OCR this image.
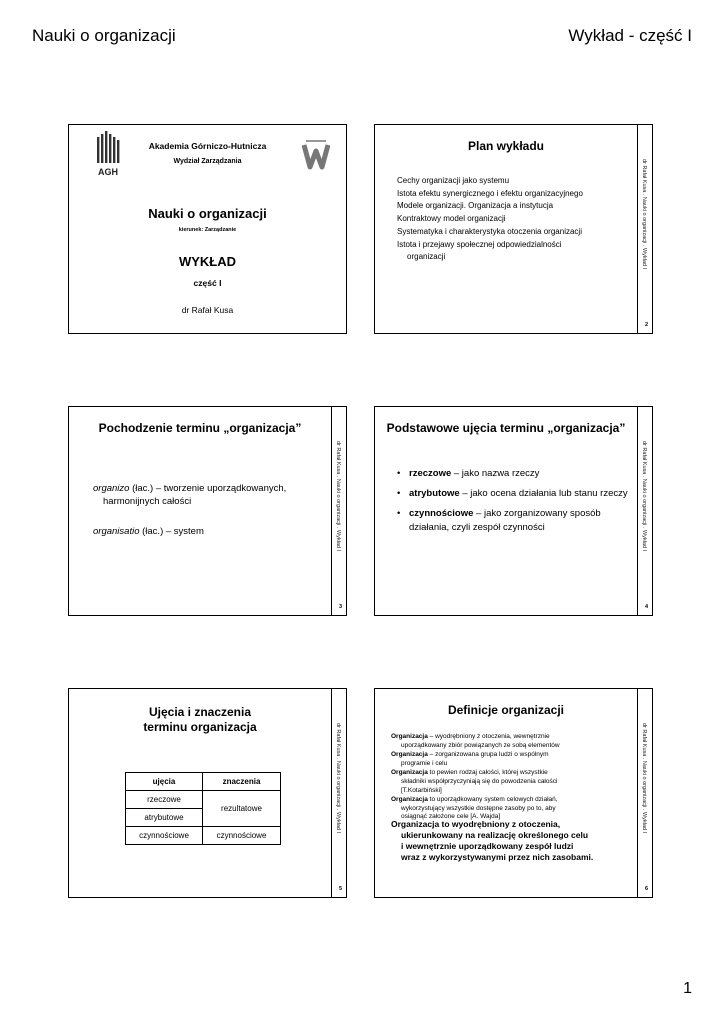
Nauki o organizacji	Wykład - część I
AGH
Akademia Górniczo-Hutnicza
Wydział Zarządzania
Nauki o organizacji
kierunek: Zarządzanie
WYKŁAD
część I
dr Rafał Kusa
Plan wykładu
Cechy organizacji jako systemu
Istota efektu synergicznego i efektu organizacyjnego
Modele organizacji. Organizacja a instytucja
Kontraktowy model organizacji
Systematyka i charakterystyka otoczenia organizacji
Istota i przejawy społecznej odpowiedzialności
organizacji	dr Rafał Kusa . Nauki o organizacji . Wykład I
2
Pochodzenie terminu „organizacja”
organizo (łac.) – tworzenie uporządkowanych,
harmonijnych całości
organisatio (łac.) – system	dr Rafał Kusa . Nauki o organizacji . Wykład I
3
Podstawowe ujęcia terminu „organizacja”
• rzeczowe – jako nazwa rzeczy
• atrybutowe – jako ocena działania lub stanu rzeczy
• czynnościowe – jako zorganizowany sposób działania, czyli zespół czynności	dr Rafał Kusa . Nauki o organizacji . Wykład I
4
Ujęcia i znaczenia
terminu organizacja
ujęcia	znaczenia
rzeczowe	rezultatowe
atrybutowe	
czynnościowe	czynnościowe
dr Rafał Kusa . Nauki o organizacji . Wykład I
5
Definicje organizacji
Organizacja – wyodrębniony z otoczenia, wewnętrznie
uporządkowany zbiór powiązanych ze sobą elementów
Organizacja – zorganizowana grupa ludzi o wspólnym
programie i celu
Organizacja to pewien rodzaj całości, której wszystkie
składniki współprzyczyniają się do powodzenia całości
[T.Kotarbiński]
Organizacja to uporządkowany system celowych działań,
wykorzystujący wszystkie dostępne zasoby po to, aby
osiągnąć założone cele [A. Wajda]
Organizacja to wyodrębniony z otoczenia,
ukierunkowany na realizację określonego celu
i wewnętrznie uporządkowany zespół ludzi
wraz z wykorzystywanymi przez nich zasobami.
dr Rafał Kusa . Nauki o organizacji . Wykład I
6
1
